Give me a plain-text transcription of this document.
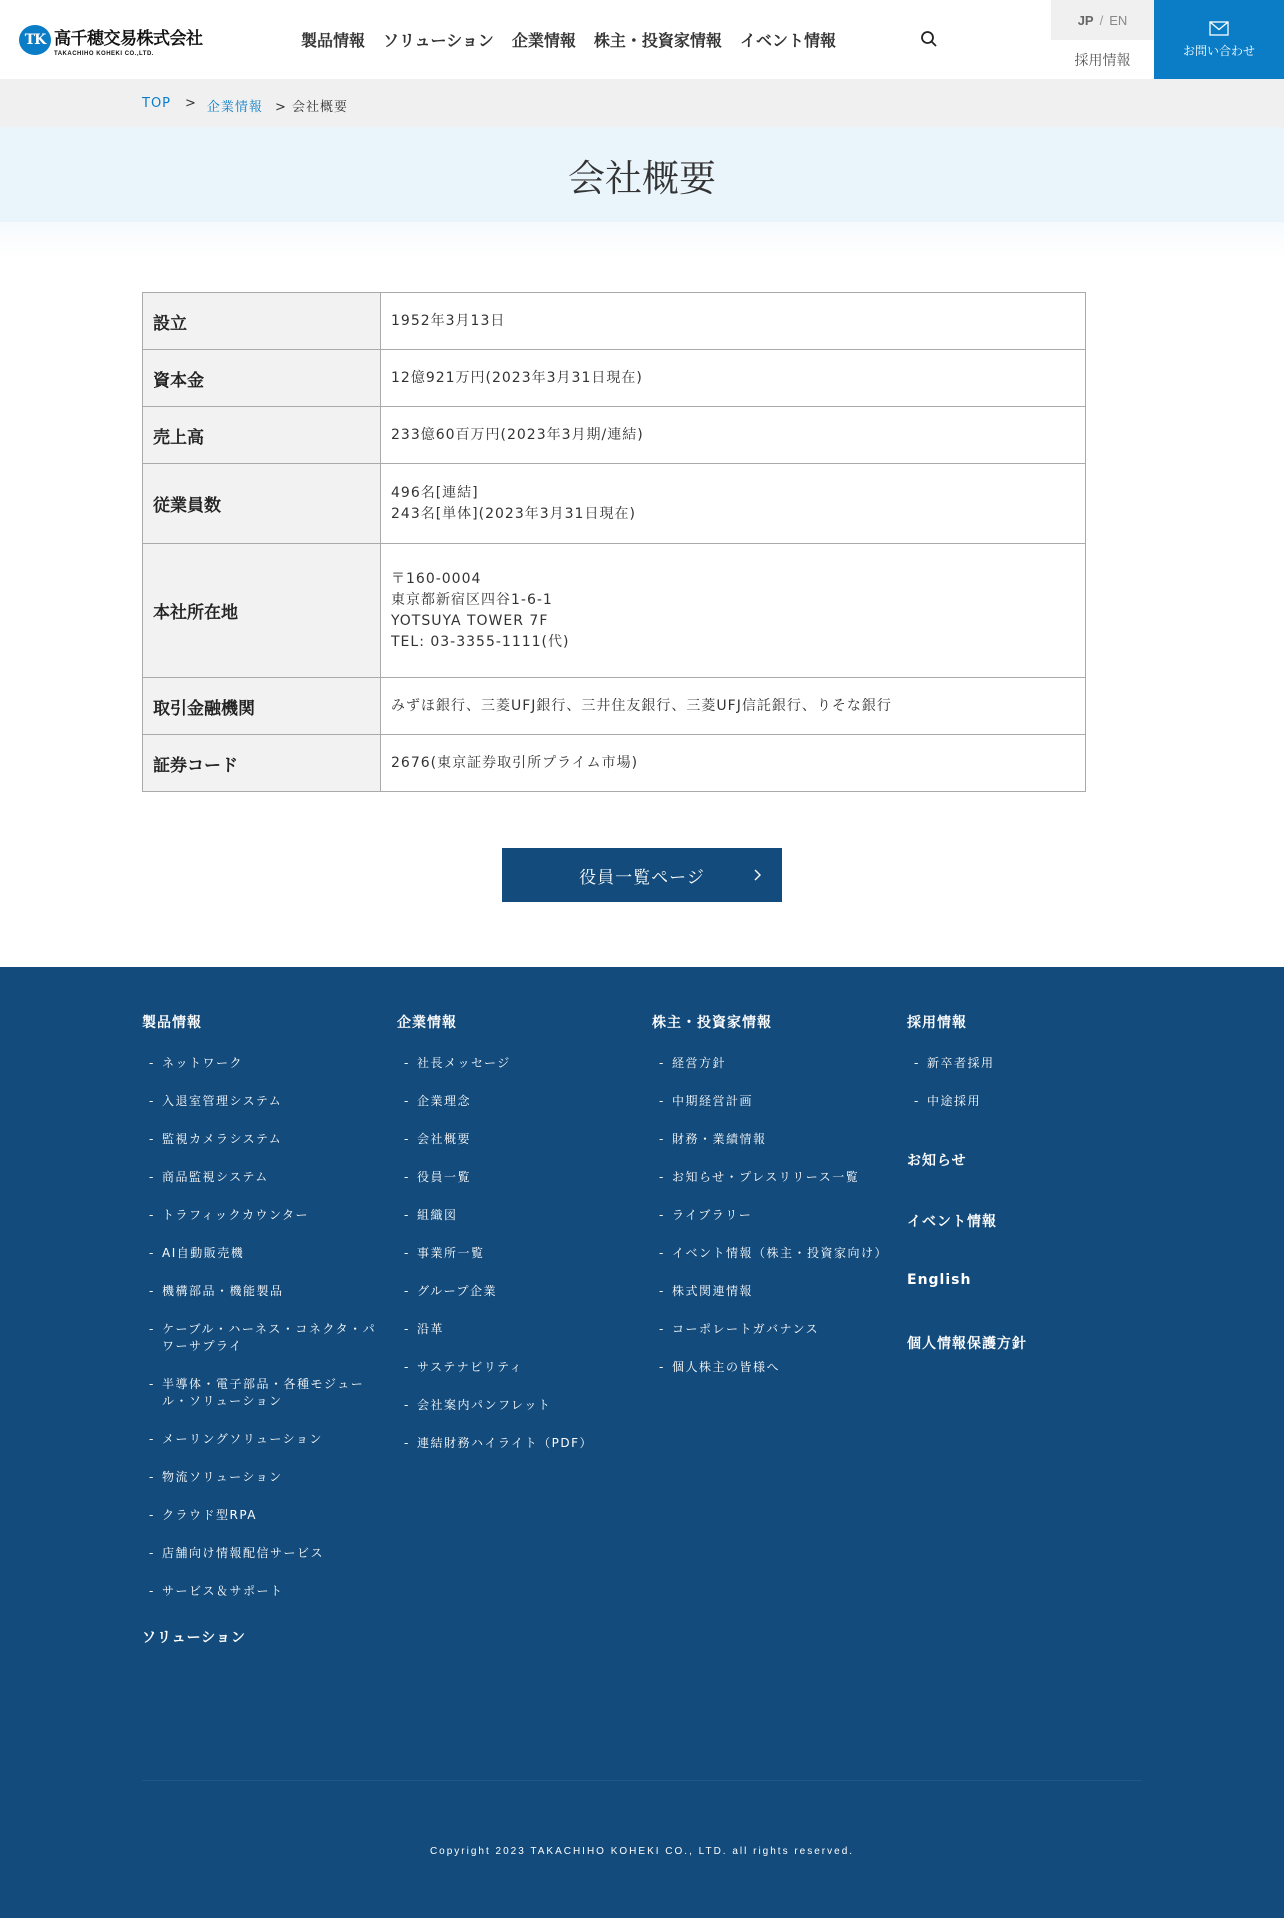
TK 高千穂交易株式会社
TAKACHIHO KOHEKI CO.,LTD.
製品情報 ソリューション 企業情報 株主・投資家情報 イベント情報
JP / EN
採用情報
お問い合わせ
TOP > 企業情報 > 会社概要
会社概要
設立	1952年3月13日

資本金	12億921万円(2023年3月31日現在)

売上高	233億60百万円(2023年3月期/連結)

従業員数	496名[連結]
243名[単体](2023年3月31日現在)

本社所在地	〒160-0004
東京都新宿区四谷1-6-1
YOTSUYA TOWER 7F
TEL: 03-3355-1111(代)

取引金融機関	みずほ銀行、三菱UFJ銀行、三井住友銀行、三菱UFJ信託銀行、りそな銀行

証券コード	2676(東京証券取引所プライム市場)
役員一覧ページ
製品情報
- ネットワーク
- 入退室管理システム
- 監視カメラシステム
- 商品監視システム
- トラフィックカウンター
- AI自動販売機
- 機構部品・機能製品
- ケーブル・ハーネス・コネクタ・パワーサプライ
- 半導体・電子部品・各種モジュール・ソリューション
- メーリングソリューション
- 物流ソリューション
- クラウド型RPA
- 店舗向け情報配信サービス
- サービス＆サポート
ソリューション
企業情報
- 社長メッセージ
- 企業理念
- 会社概要
- 役員一覧
- 組織図
- 事業所一覧
- グループ企業
- 沿革
- サステナビリティ
- 会社案内パンフレット
- 連結財務ハイライト（PDF）
株主・投資家情報
- 経営方針
- 中期経営計画
- 財務・業績情報
- お知らせ・プレスリリース一覧
- ライブラリー
- イベント情報（株主・投資家向け）
- 株式関連情報
- コーポレートガバナンス
- 個人株主の皆様へ
採用情報
- 新卒者採用
- 中途採用
お知らせ
イベント情報
English
個人情報保護方針
Copyright 2023 TAKACHIHO KOHEKI CO., LTD. all rights reserved.
